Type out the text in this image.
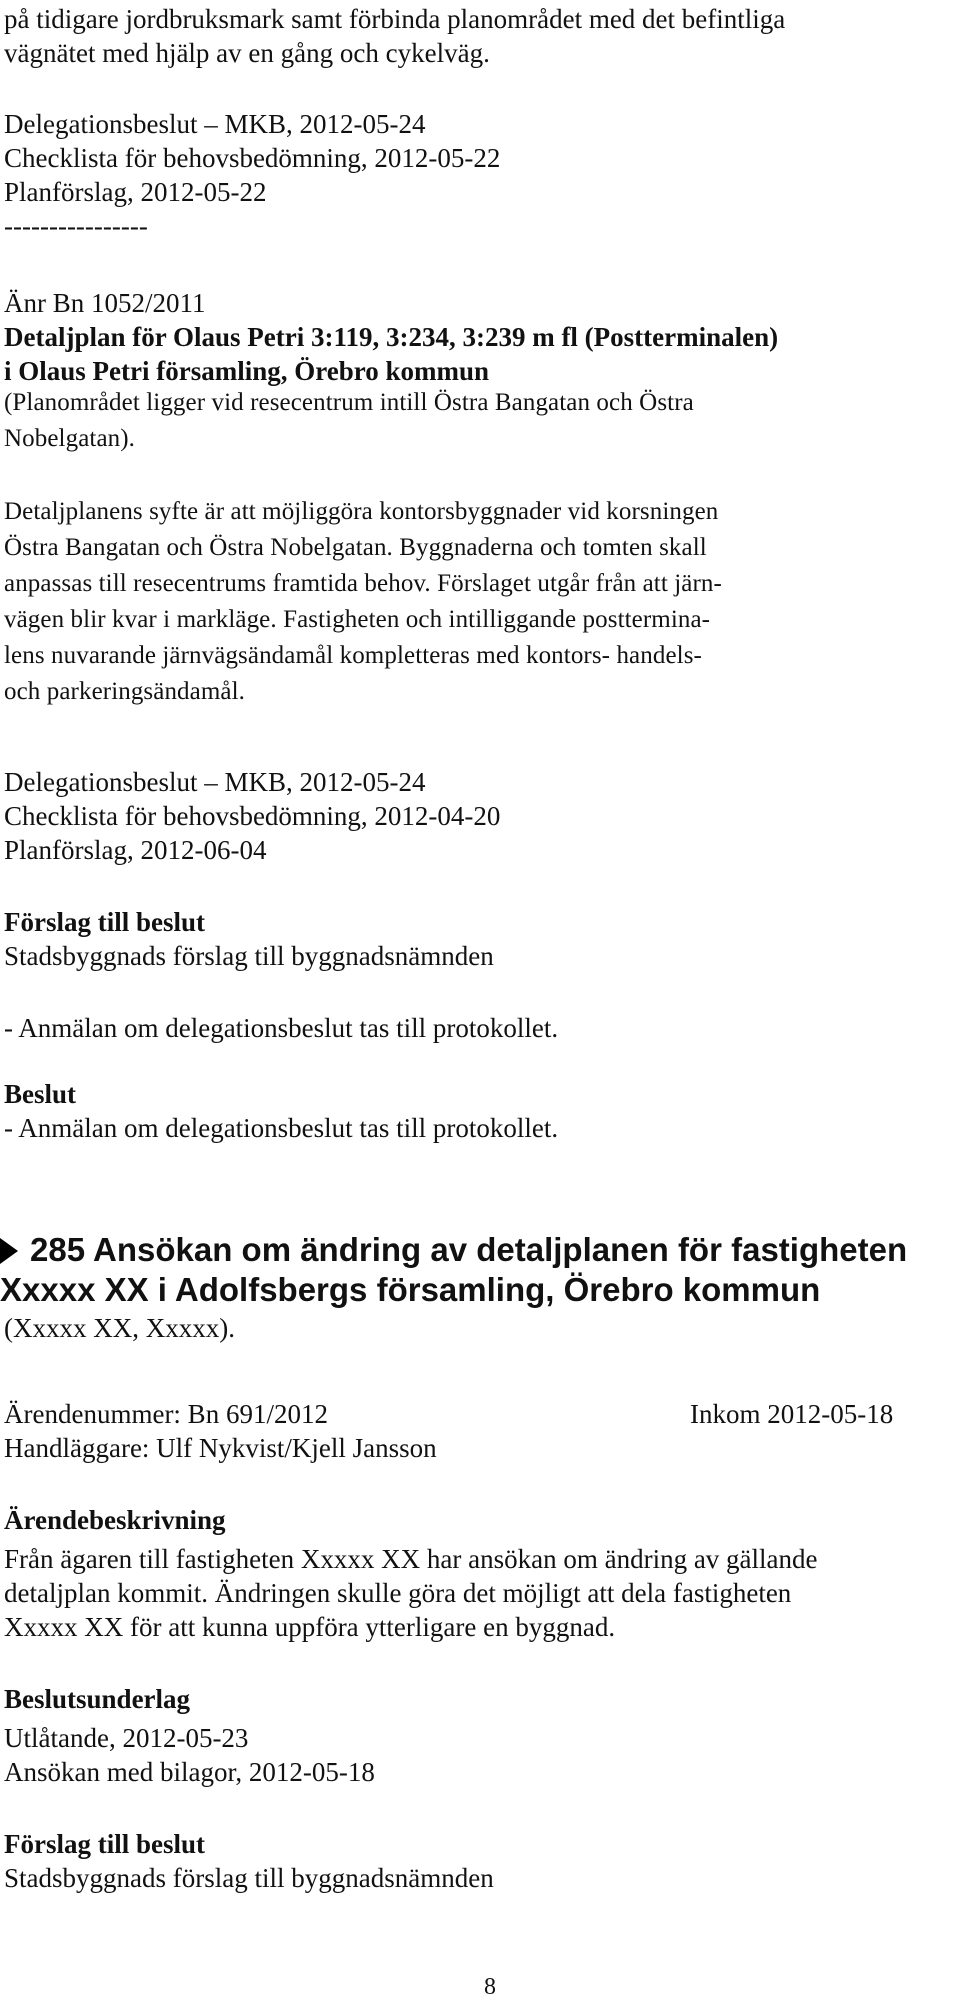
på tidigare jordbruksmark samt förbinda planområdet med det befintliga
vägnätet med hjälp av en gång och cykelväg.
Delegationsbeslut – MKB, 2012-05-24
Checklista för behovsbedömning, 2012-05-22
Planförslag, 2012-05-22
----------------
Änr Bn 1052/2011
Detaljplan för Olaus Petri 3:119, 3:234, 3:239 m fl (Postterminalen)
i Olaus Petri församling, Örebro kommun
(Planområdet ligger vid resecentrum intill Östra Bangatan och Östra
Nobelgatan).
Detaljplanens syfte är att möjliggöra kontorsbyggnader vid korsningen
Östra Bangatan och Östra Nobelgatan. Byggnaderna och tomten skall
anpassas till resecentrums framtida behov. Förslaget utgår från att järn-
vägen blir kvar i markläge. Fastigheten och intilliggande posttermina-
lens nuvarande järnvägsändamål kompletteras med kontors- handels-
och parkeringsändamål.
Delegationsbeslut – MKB, 2012-05-24
Checklista för behovsbedömning, 2012-04-20
Planförslag, 2012-06-04
Förslag till beslut
Stadsbyggnads förslag till byggnadsnämnden
- Anmälan om delegationsbeslut tas till protokollet.
Beslut
- Anmälan om delegationsbeslut tas till protokollet.
285 Ansökan om ändring av detaljplanen för fastigheten
Xxxxx XX i Adolfsbergs församling, Örebro kommun
(Xxxxx XX, Xxxxx).
Ärendenummer: Bn 691/2012	Inkom 2012-05-18
Handläggare: Ulf Nykvist/Kjell Jansson
Ärendebeskrivning
Från ägaren till fastigheten Xxxxx XX har ansökan om ändring av gällande
detaljplan kommit. Ändringen skulle göra det möjligt att dela fastigheten
Xxxxx XX för att kunna uppföra ytterligare en byggnad.
Beslutsunderlag
Utlåtande, 2012-05-23
Ansökan med bilagor, 2012-05-18
Förslag till beslut
Stadsbyggnads förslag till byggnadsnämnden
8
